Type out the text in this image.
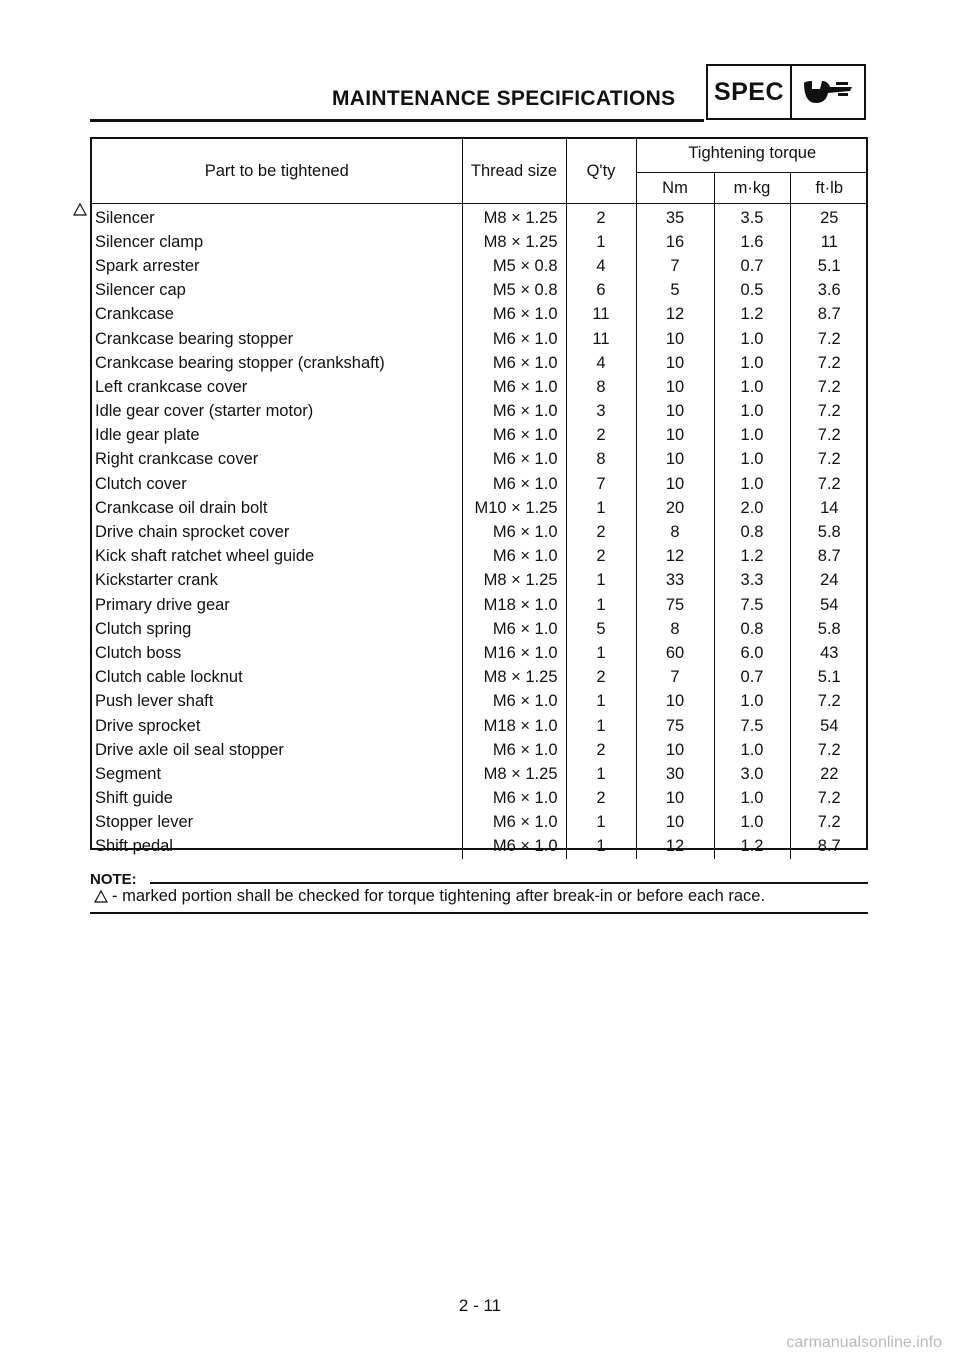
MAINTENANCE SPECIFICATIONS SPEC
Part to be tightened	Thread size	Q'ty	Tightening torque		
			Nm	m·kg	ft·lb
Silencer	M8 × 1.25	2	35	3.5	25
Silencer clamp	M8 × 1.25	1	16	1.6	11
Spark arrester	M5 × 0.8	4	7	0.7	5.1
Silencer cap	M5 × 0.8	6	5	0.5	3.6
Crankcase	M6 × 1.0	11	12	1.2	8.7
Crankcase bearing stopper	M6 × 1.0	11	10	1.0	7.2
Crankcase bearing stopper (crankshaft)	M6 × 1.0	4	10	1.0	7.2
Left crankcase cover	M6 × 1.0	8	10	1.0	7.2
Idle gear cover (starter motor)	M6 × 1.0	3	10	1.0	7.2
Idle gear plate	M6 × 1.0	2	10	1.0	7.2
Right crankcase cover	M6 × 1.0	8	10	1.0	7.2
Clutch cover	M6 × 1.0	7	10	1.0	7.2
Crankcase oil drain bolt	M10 × 1.25	1	20	2.0	14
Drive chain sprocket cover	M6 × 1.0	2	8	0.8	5.8
Kick shaft ratchet wheel guide	M6 × 1.0	2	12	1.2	8.7
Kickstarter crank	M8 × 1.25	1	33	3.3	24
Primary drive gear	M18 × 1.0	1	75	7.5	54
Clutch spring	M6 × 1.0	5	8	0.8	5.8
Clutch boss	M16 × 1.0	1	60	6.0	43
Clutch cable locknut	M8 × 1.25	2	7	0.7	5.1
Push lever shaft	M6 × 1.0	1	10	1.0	7.2
Drive sprocket	M18 × 1.0	1	75	7.5	54
Drive axle oil seal stopper	M6 × 1.0	2	10	1.0	7.2
Segment	M8 × 1.25	1	30	3.0	22
Shift guide	M6 × 1.0	2	10	1.0	7.2
Stopper lever	M6 × 1.0	1	10	1.0	7.2
Shift pedal	M6 × 1.0	1	12	1.2	8.7
NOTE:
- marked portion shall be checked for torque tightening after break-in or before each race.
2 - 11
carmanualsonline.info
